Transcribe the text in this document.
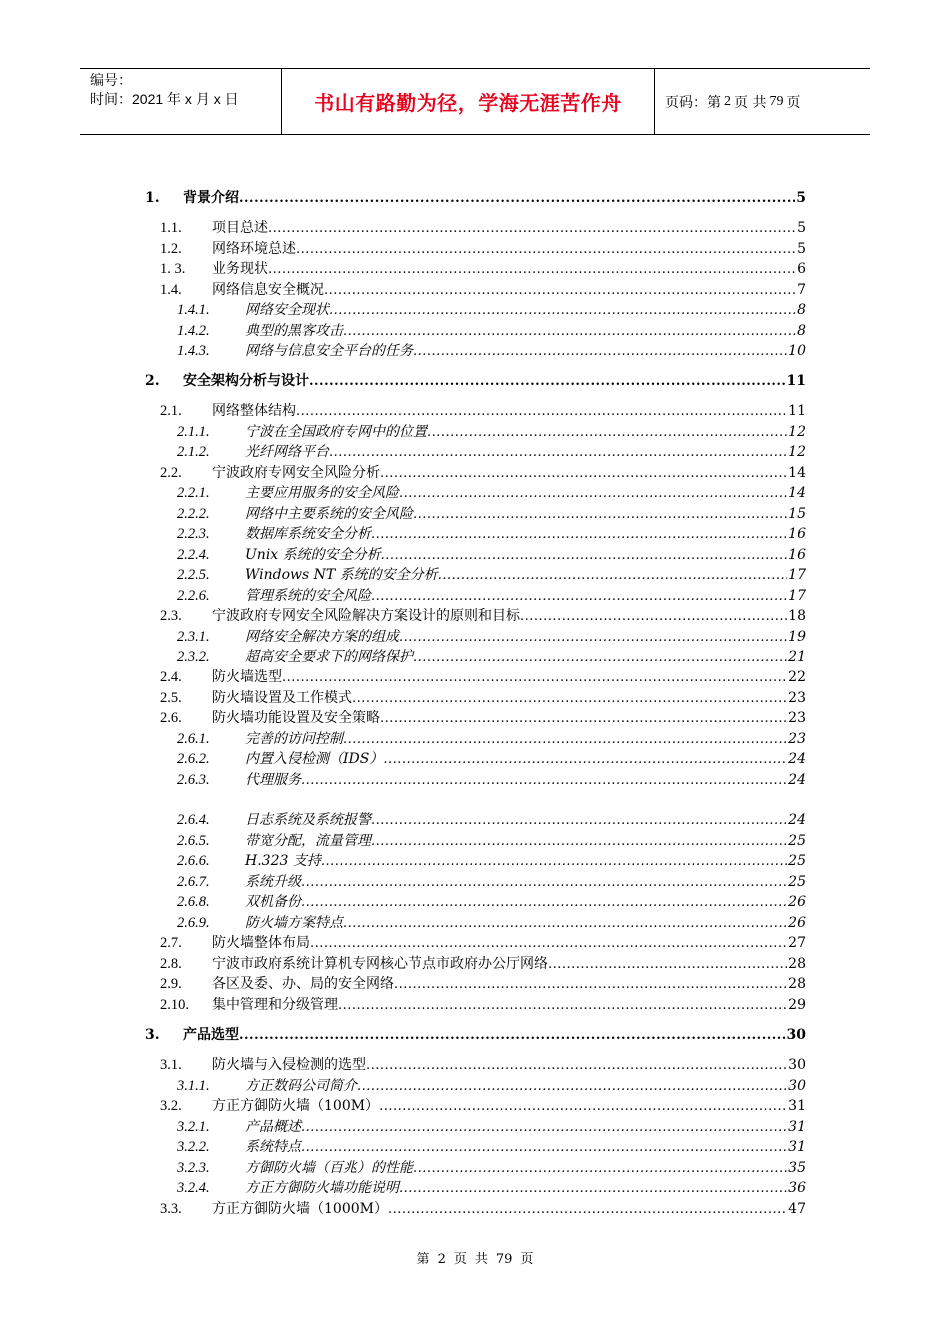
编号：
时间：2021 年 x 月 x 日	书山有路勤为径，学海无涯苦作舟	页码：第 2 页 共 79 页
1.	背景介绍 .....	5
1.1.	项目总述 .....	5
1.2.	网络环境总述 .....	5
1. 3.	业务现状 .....	6
1.4.	网络信息安全概况 .....	7
1.4.1.	网络安全现状 .....	8
1.4.2.	典型的黑客攻击 .....	8
1.4.3.	网络与信息安全平台的任务 .....	10
2.	安全架构分析与设计 .....	11
2.1.	网络整体结构 .....	11
2.1.1.	宁波在全国政府专网中的位置 .....	12
2.1.2.	光纤网络平台 .....	12
2.2.	宁波政府专网安全风险分析 .....	14
2.2.1.	主要应用服务的安全风险 .....	14
2.2.2.	网络中主要系统的安全风险 .....	15
2.2.3.	数据库系统安全分析 .....	16
2.2.4.	Unix 系统的安全分析 .....	16
2.2.5.	Windows NT 系统的安全分析 .....	17
2.2.6.	管理系统的安全风险 .....	17
2.3.	宁波政府专网安全风险解决方案设计的原则和目标 .....	18
2.3.1.	网络安全解决方案的组成 .....	19
2.3.2.	超高安全要求下的网络保护 .....	21
2.4.	防火墙选型 .....	22
2.5.	防火墙设置及工作模式 .....	23
2.6.	防火墙功能设置及安全策略 .....	23
2.6.1.	完善的访问控制 .....	23
2.6.2.	内置入侵检测（IDS） .....	24
2.6.3.	代理服务 .....	24
2.6.4.	日志系统及系统报警 .....	24
2.6.5.	带宽分配，流量管理 .....	25
2.6.6.	H.323 支持 .....	25
2.6.7.	系统升级 .....	25
2.6.8.	双机备份 .....	26
2.6.9.	防火墙方案特点 .....	26
2.7.	防火墙整体布局 .....	27
2.8.	宁波市政府系统计算机专网核心节点市政府办公厅网络 .....	28
2.9.	各区及委、办、局的安全网络 .....	28
2.10.	集中管理和分级管理 .....	29
3.	产品选型 .....	30
3.1.	防火墙与入侵检测的选型 .....	30
3.1.1.	方正数码公司简介 .....	30
3.2.	方正方御防火墙（100M） .....	31
3.2.1.	产品概述 .....	31
3.2.2.	系统特点 .....	31
3.2.3.	方御防火墙（百兆）的性能 .....	35
3.2.4.	方正方御防火墙功能说明 .....	36
3.3.	方正方御防火墙（1000M） .....	47
第 2 页 共 79 页
